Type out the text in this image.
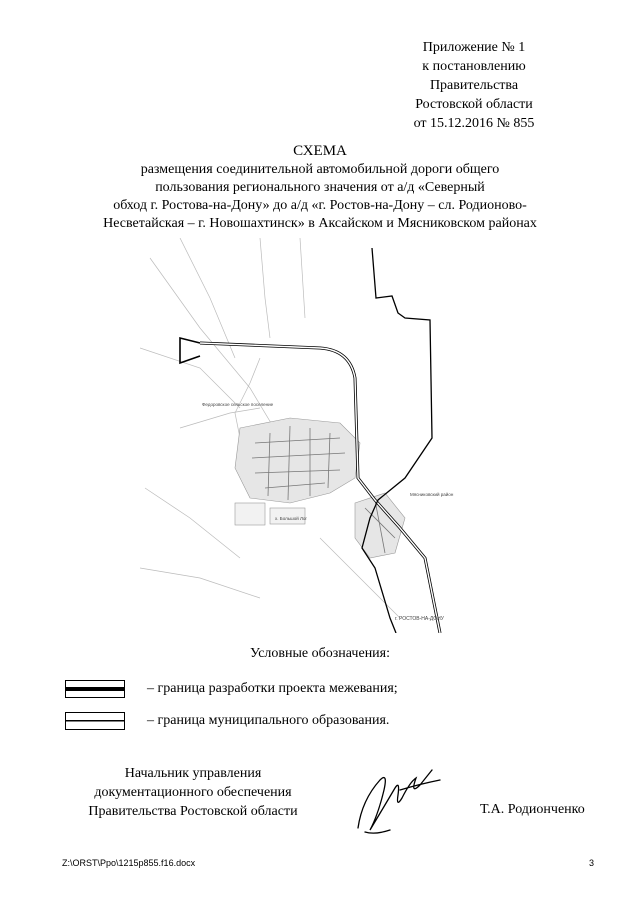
Приложение № 1
к постановлению
Правительства
Ростовской области
от 15.12.2016 № 855
СХЕМА
размещения соединительной автомобильной дороги общего
пользования регионального значения от а/д «Северный
обход г. Ростова-на-Дону» до а/д «г. Ростов-на-Дону – сл. Родионово-
Несветайская – г. Новошахтинск» в Аксайском и Мясниковском районах
Федоровское сельское поселение
Мясниковский район
х. Большой Лог
г. РОСТОВ-НА-ДОНУ
Условные обозначения:
– граница разработки проекта межевания;
– граница муниципального образования.
Начальник управления
документационного обеспечения
Правительства Ростовской области	Т.А. Родионченко
Z:\ORST\Ppo\1215p855.f16.docx	3
